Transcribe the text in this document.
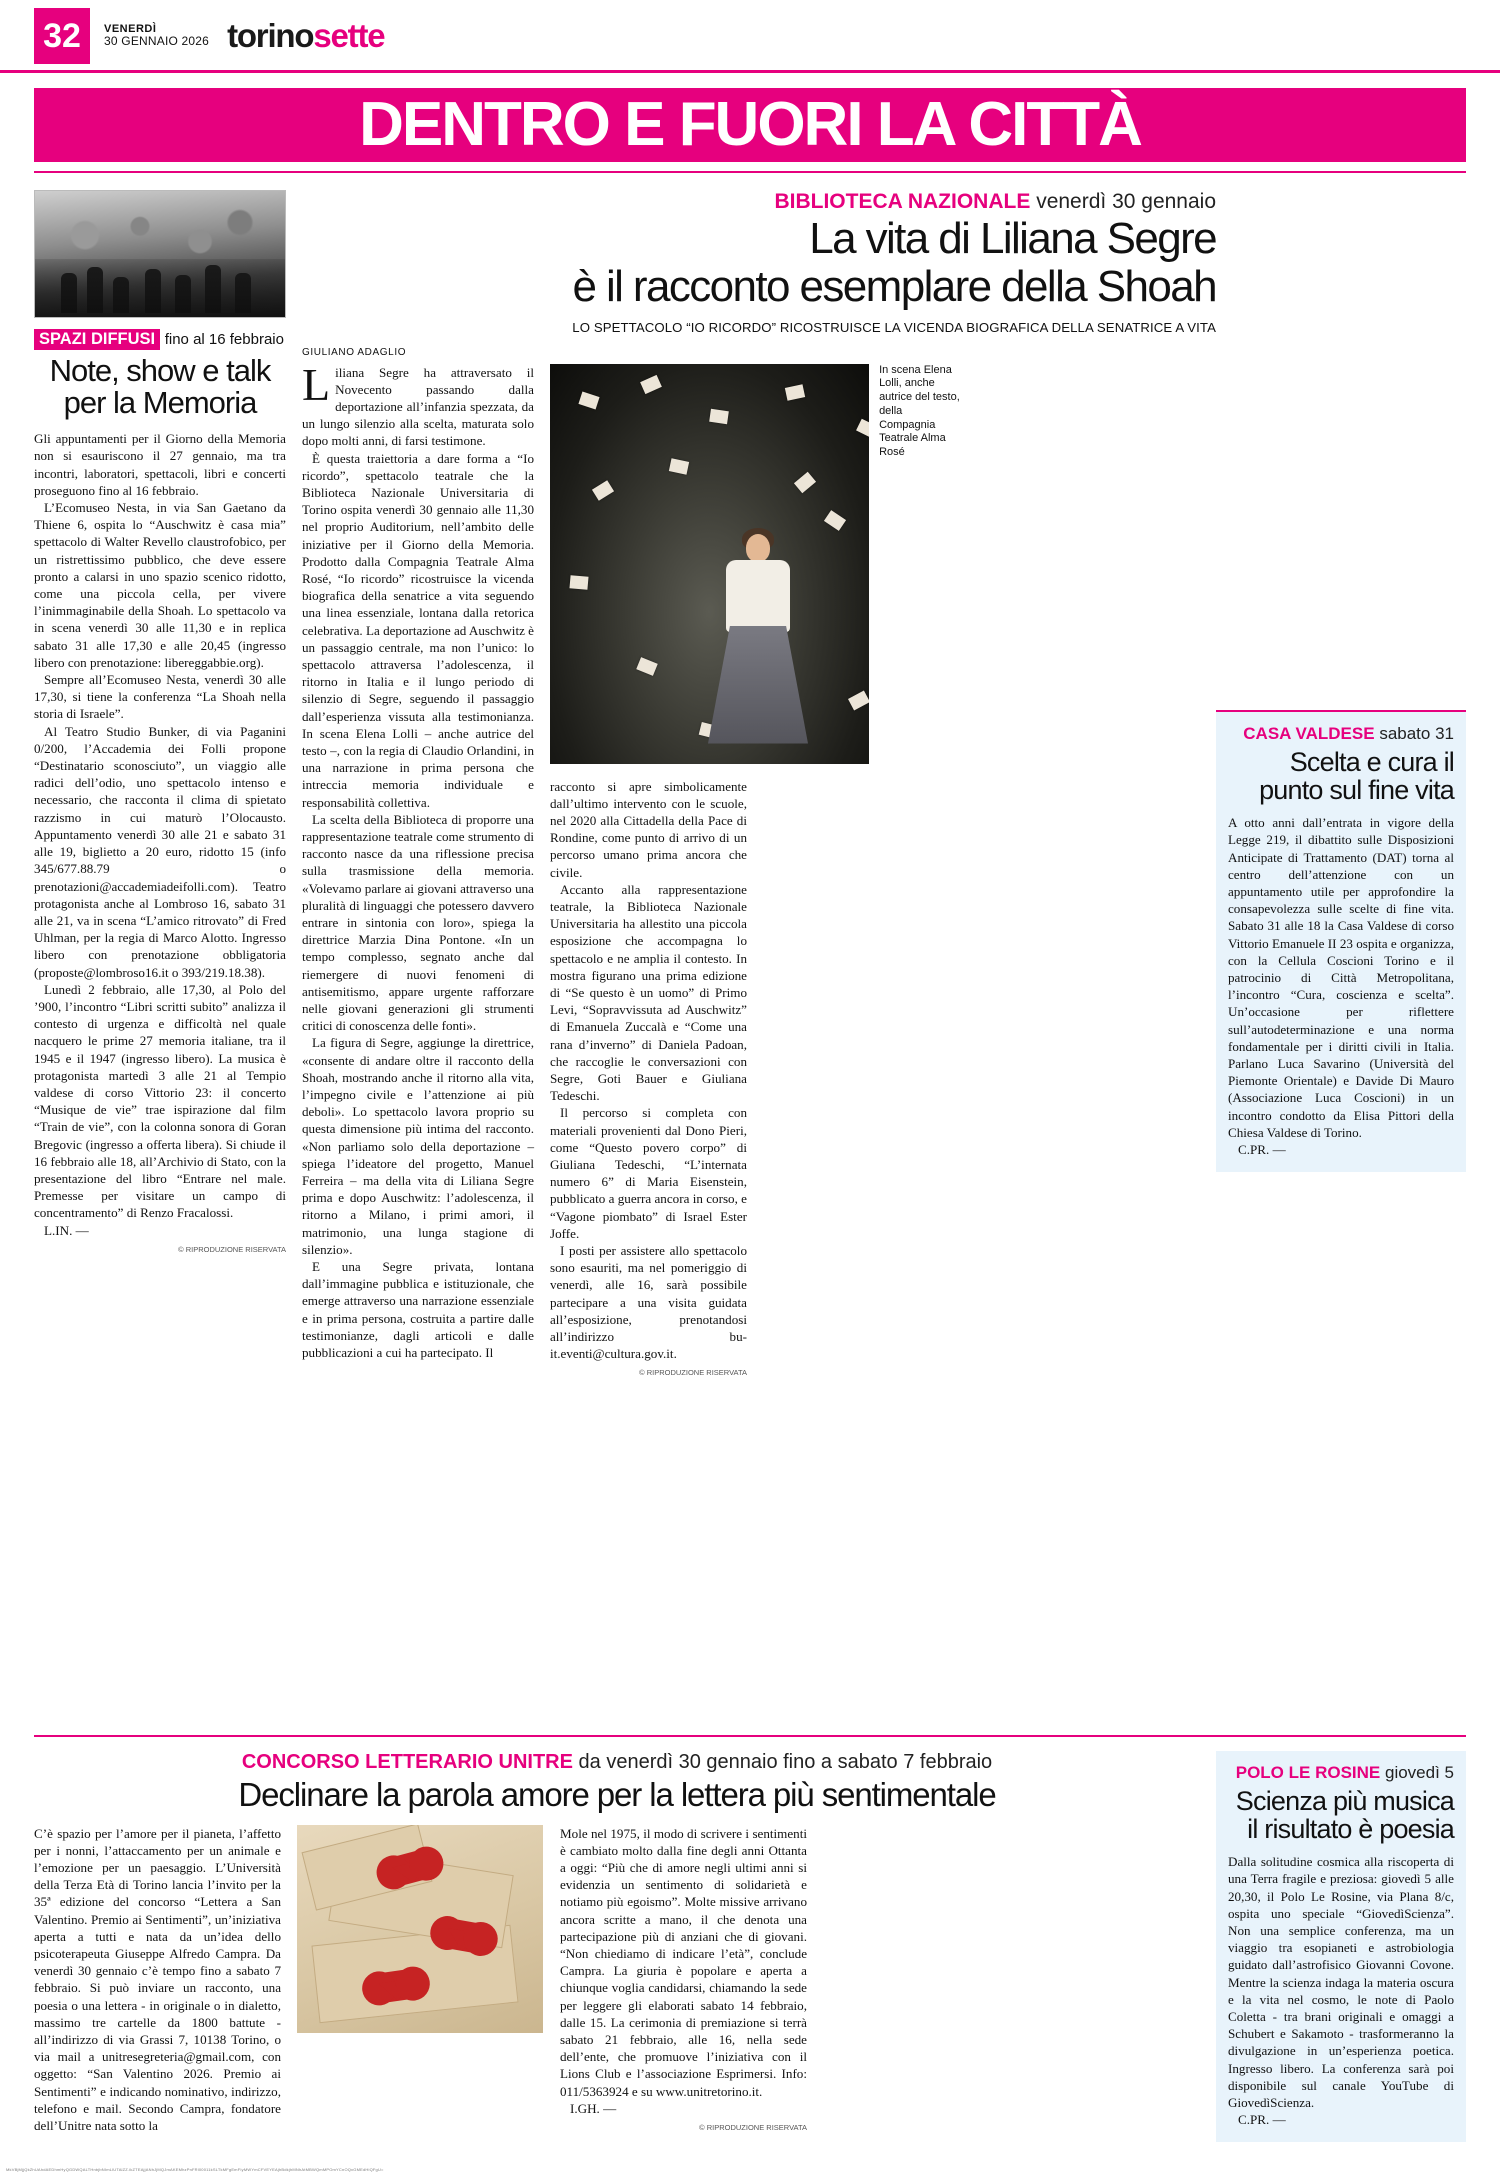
32	VENERDÌ
30 GENNAIO 2026 torinosette
DENTRO E FUORI LA CITTÀ
SPAZI DIFFUSI fino al 16 febbraio
Note, show e talk per la Memoria

Gli appuntamenti per il Giorno della Memoria non si esauriscono il 27 gennaio, ma tra incontri, laboratori, spettacoli, libri e concerti proseguono fino al 16 febbraio.

L’Ecomuseo Nesta, in via San Gaetano da Thiene 6, ospita lo “Auschwitz è casa mia” spettacolo di Walter Revello claustrofobico, per un ristrettissimo pubblico, che deve essere pronto a calarsi in uno spazio scenico ridotto, come una piccola cella, per vivere l’inimmaginabile della Shoah. Lo spettacolo va in scena venerdì 30 alle 11,30 e in replica sabato 31 alle 17,30 e alle 20,45 (ingresso libero con prenotazione: libereggabbie.org).

Sempre all’Ecomuseo Nesta, venerdì 30 alle 17,30, si tiene la conferenza “La Shoah nella storia di Israele”.

Al Teatro Studio Bunker, di via Paganini 0/200, l’Accademia dei Folli propone “Destinatario sconosciuto”, un viaggio alle radici dell’odio, uno spettacolo intenso e necessario, che racconta il clima di spietato razzismo in cui maturò l’Olocausto. Appuntamento venerdì 30 alle 21 e sabato 31 alle 19, biglietto a 20 euro, ridotto 15 (info 345/677.88.79 o prenotazioni@accademiadeifolli.com). Teatro protagonista anche al Lombroso 16, sabato 31 alle 21, va in scena “L’amico ritrovato” di Fred Uhlman, per la regia di Marco Alotto. Ingresso libero con prenotazione obbligatoria (proposte@lombroso16.it o 393/219.18.38).

Lunedì 2 febbraio, alle 17,30, al Polo del ’900, l’incontro “Libri scritti subito” analizza il contesto di urgenza e difficoltà nel quale nacquero le prime 27 memoria italiane, tra il 1945 e il 1947 (ingresso libero). La musica è protagonista martedì 3 alle 21 al Tempio valdese di corso Vittorio 23: il concerto “Musique de vie” trae ispirazione dal film “Train de vie”, con la colonna sonora di Goran Bregovic (ingresso a offerta libera). Si chiude il 16 febbraio alle 18, all’Archivio di Stato, con la presentazione del libro “Entrare nel male. Premesse per visitare un campo di concentramento” di Renzo Fracalossi.

L.IN. —

© RIPRODUZIONE RISERVATA
BIBLIOTECA NAZIONALE venerdì 30 gennaio
La vita di Liliana Segre
è il racconto esemplare della Shoah
LO SPETTACOLO “IO RICORDO” RICOSTRUISCE LA VICENDA BIOGRAFICA DELLA SENATRICE A VITA
GIULIANO ADAGLIO

Liliana Segre ha attraversato il Novecento passando dalla deportazione all’infanzia spezzata, da un lungo silenzio alla scelta, maturata solo dopo molti anni, di farsi testimone.

È questa traiettoria a dare forma a “Io ricordo”, spettacolo teatrale che la Biblioteca Nazionale Universitaria di Torino ospita venerdì 30 gennaio alle 11,30 nel proprio Auditorium, nell’ambito delle iniziative per il Giorno della Memoria. Prodotto dalla Compagnia Teatrale Alma Rosé, “Io ricordo” ricostruisce la vicenda biografica della senatrice a vita seguendo una linea essenziale, lontana dalla retorica celebrativa. La deportazione ad Auschwitz è un passaggio centrale, ma non l’unico: lo spettacolo attraversa l’adolescenza, il ritorno in Italia e il lungo periodo di silenzio di Segre, seguendo il passaggio dall’esperienza vissuta alla testimonianza. In scena Elena Lolli – anche autrice del testo –, con la regia di Claudio Orlandini, in una narrazione in prima persona che intreccia memoria individuale e responsabilità collettiva.

La scelta della Biblioteca di proporre una rappresentazione teatrale come strumento di racconto nasce da una riflessione precisa sulla trasmissione della memoria. «Volevamo parlare ai giovani attraverso una pluralità di linguaggi che potessero davvero entrare in sintonia con loro», spiega la direttrice Marzia Dina Pontone. «In un tempo complesso, segnato anche dal riemergere di nuovi fenomeni di antisemitismo, appare urgente rafforzare nelle giovani generazioni gli strumenti critici di conoscenza delle fonti».

La figura di Segre, aggiunge la direttrice, «consente di andare oltre il racconto della Shoah, mostrando anche il ritorno alla vita, l’impegno civile e l’attenzione ai più deboli». Lo spettacolo lavora proprio su questa dimensione più intima del racconto. «Non parliamo solo della deportazione – spiega l’ideatore del progetto, Manuel Ferreira – ma della vita di Liliana Segre prima e dopo Auschwitz: l’adolescenza, il ritorno a Milano, i primi amori, il matrimonio, una lunga stagione di silenzio».

E una Segre privata, lontana dall’immagine pubblica e istituzionale, che emerge attraverso una narrazione essenziale e in prima persona, costruita a partire dalle testimonianze, dagli articoli e dalle pubblicazioni a cui ha partecipato. Il

In scena Elena Lolli, anche autrice del testo, della Compagnia Teatrale Alma Rosé

racconto si apre simbolicamente dall’ultimo intervento con le scuole, nel 2020 alla Cittadella della Pace di Rondine, come punto di arrivo di un percorso umano prima ancora che civile.

Accanto alla rappresentazione teatrale, la Biblioteca Nazionale Universitaria ha allestito una piccola esposizione che accompagna lo spettacolo e ne amplia il contesto. In mostra figurano una prima edizione di “Se questo è un uomo” di Primo Levi, “Sopravvissuta ad Auschwitz” di Emanuela Zuccalà e “Come una rana d’inverno” di Daniela Padoan, che raccoglie le conversazioni con Segre, Goti Bauer e Giuliana Tedeschi.

Il percorso si completa con materiali provenienti dal Dono Pieri, come “Questo povero corpo” di Giuliana Tedeschi, “L’internata numero 6” di Maria Eisenstein, pubblicato a guerra ancora in corso, e “Vagone piombato” di Israel Ester Joffe.

I posti per assistere allo spettacolo sono esauriti, ma nel pomeriggio di venerdì, alle 16, sarà possibile partecipare a una visita guidata all’esposizione, prenotandosi all’indirizzo bu-it.eventi@cultura.gov.it.

© RIPRODUZIONE RISERVATA
CASA VALDESE sabato 31
Scelta e cura il punto sul fine vita

A otto anni dall’entrata in vigore della Legge 219, il dibattito sulle Disposizioni Anticipate di Trattamento (DAT) torna al centro dell’attenzione con un appuntamento utile per approfondire la consapevolezza sulle scelte di fine vita. Sabato 31 alle 18 la Casa Valdese di corso Vittorio Emanuele II 23 ospita e organizza, con la Cellula Coscioni Torino e il patrocinio di Città Metropolitana, l’incontro “Cura, coscienza e scelta”. Un’occasione per riflettere sull’autodeterminazione e una norma fondamentale per i diritti civili in Italia. Parlano Luca Savarino (Università del Piemonte Orientale) e Davide Di Mauro (Associazione Luca Coscioni) in un incontro condotto da Elisa Pittori della Chiesa Valdese di Torino.

C.PR. —

CONCORSO LETTERARIO UNITRE da venerdì 30 gennaio fino a sabato 7 febbraio
Declinare la parola amore per la lettera più sentimentale

C’è spazio per l’amore per il pianeta, l’affetto per i nonni, l’attaccamento per un animale e l’emozione per un paesaggio. L’Università della Terza Età di Torino lancia l’invito per la 35ª edizione del concorso “Lettera a San Valentino. Premio ai Sentimenti”, un’iniziativa aperta a tutti e nata da un’idea dello psicoterapeuta Giuseppe Alfredo Campra. Da venerdì 30 gennaio c’è tempo fino a sabato 7 febbraio. Si può inviare un racconto, una poesia o una lettera - in originale o in dialetto, massimo tre cartelle da 1800 battute - all’indirizzo di via Grassi 7, 10138 Torino, o via mail a unitresegreteria@gmail.com, con oggetto: “San Valentino 2026. Premio ai Sentimenti” e indicando nominativo, indirizzo, telefono e mail. Secondo Campra, fondatore dell’Unitre nata sotto la

Mole nel 1975, il modo di scrivere i sentimenti è cambiato molto dalla fine degli anni Ottanta a oggi: “Più che di amore negli ultimi anni si evidenzia un sentimento di solidarietà e notiamo più egoismo”. Molte missive arrivano ancora scritte a mano, il che denota una partecipazione più di anziani che di giovani. “Non chiediamo di indicare l’età”, conclude Campra. La giuria è popolare e aperta a chiunque voglia candidarsi, chiamando la sede per leggere gli elaborati sabato 14 febbraio, dalle 15. La cerimonia di premiazione si terrà sabato 21 febbraio, alle 16, nella sede dell’ente, che promuove l’iniziativa con il Lions Club e l’associazione Esprimersi. Info: 011/5363924 e su www.unitretorino.it.

I.GH. —

© RIPRODUZIONE RISERVATA
POLO LE ROSINE giovedì 5
Scienza più musica il risultato è poesia

Dalla solitudine cosmica alla riscoperta di una Terra fragile e preziosa: giovedì 5 alle 20,30, il Polo Le Rosine, via Plana 8/c, ospita uno speciale “GiovedìScienza”. Non una semplice conferenza, ma un viaggio tra esopianeti e astrobiologia guidato dall’astrofisico Giovanni Covone. Mentre la scienza indaga la materia oscura e la vita nel cosmo, le note di Paolo Coletta - tra brani originali e omaggi a Schubert e Sakamoto - trasformeranno la divulgazione in un’esperienza poetica. Ingresso libero. La conferenza sarà poi disponibile sul canale YouTube di GiovedìScienza.

C.PR. —

MkVBjMjjQkZhUAhdAEDhmHyQGDWQALTHnbjbNImLlUTAlZZ.ikZTEAjjANhJjMQJmAKEMhzPnFRl00011kSLTkMFgEmFIyMWYmCFVEYEAjhBdkjhMNhAtMBWQmMPOmYCnOQxGMEdHiQFgU=
